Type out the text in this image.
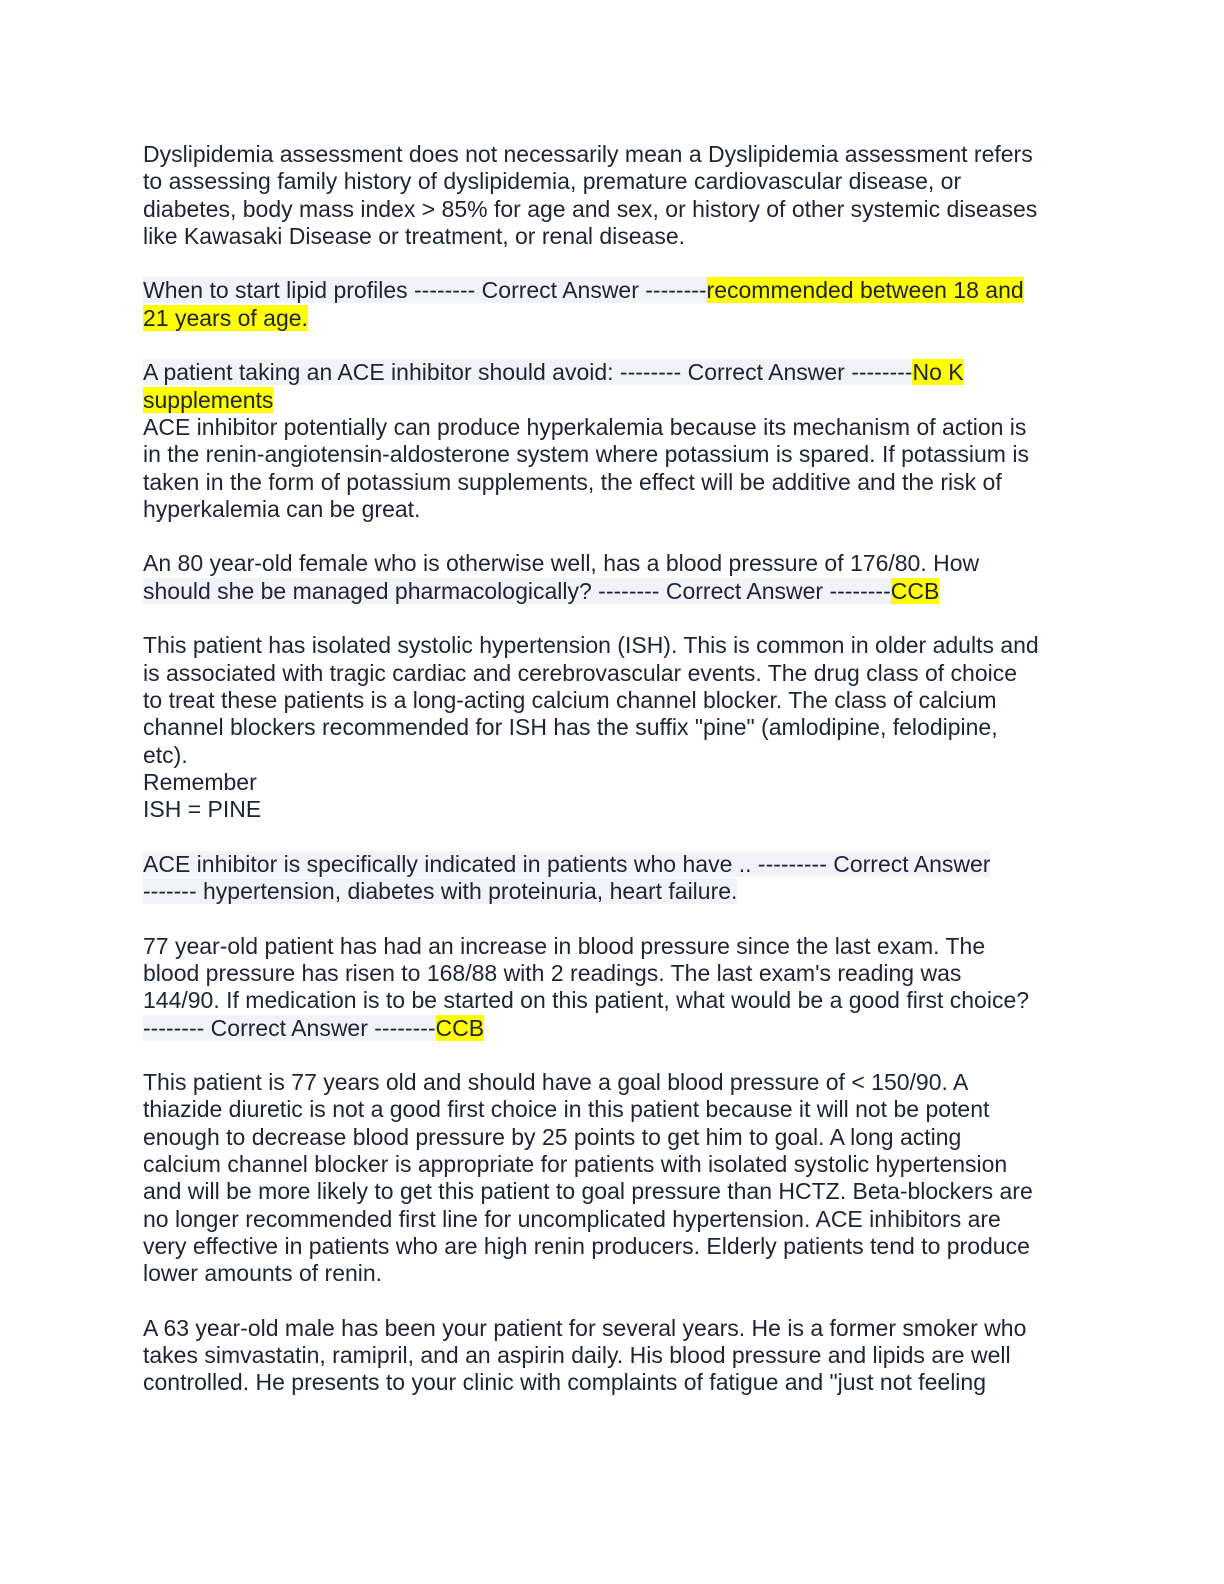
Dyslipidemia assessment does not necessarily mean a Dyslipidemia assessment refers
to assessing family history of dyslipidemia, premature cardiovascular disease, or
diabetes, body mass index > 85% for age and sex, or history of other systemic diseases
like Kawasaki Disease or treatment, or renal disease.
When to start lipid profiles -------- Correct Answer --------recommended between 18 and
21 years of age.
A patient taking an ACE inhibitor should avoid: -------- Correct Answer --------No K
supplements
ACE inhibitor potentially can produce hyperkalemia because its mechanism of action is
in the renin-angiotensin-aldosterone system where potassium is spared. If potassium is
taken in the form of potassium supplements, the effect will be additive and the risk of
hyperkalemia can be great.
An 80 year-old female who is otherwise well, has a blood pressure of 176/80. How
should she be managed pharmacologically? -------- Correct Answer --------CCB
This patient has isolated systolic hypertension (ISH). This is common in older adults and
is associated with tragic cardiac and cerebrovascular events. The drug class of choice
to treat these patients is a long-acting calcium channel blocker. The class of calcium
channel blockers recommended for ISH has the suffix "pine" (amlodipine, felodipine,
etc).
Remember
ISH = PINE
ACE inhibitor is specifically indicated in patients who have .. --------- Correct Answer
------- hypertension, diabetes with proteinuria, heart failure.
77 year-old patient has had an increase in blood pressure since the last exam. The
blood pressure has risen to 168/88 with 2 readings. The last exam's reading was
144/90. If medication is to be started on this patient, what would be a good first choice?
-------- Correct Answer --------CCB
This patient is 77 years old and should have a goal blood pressure of < 150/90. A
thiazide diuretic is not a good first choice in this patient because it will not be potent
enough to decrease blood pressure by 25 points to get him to goal. A long acting
calcium channel blocker is appropriate for patients with isolated systolic hypertension
and will be more likely to get this patient to goal pressure than HCTZ. Beta-blockers are
no longer recommended first line for uncomplicated hypertension. ACE inhibitors are
very effective in patients who are high renin producers. Elderly patients tend to produce
lower amounts of renin.
A 63 year-old male has been your patient for several years. He is a former smoker who
takes simvastatin, ramipril, and an aspirin daily. His blood pressure and lipids are well
controlled. He presents to your clinic with complaints of fatigue and "just not feeling
